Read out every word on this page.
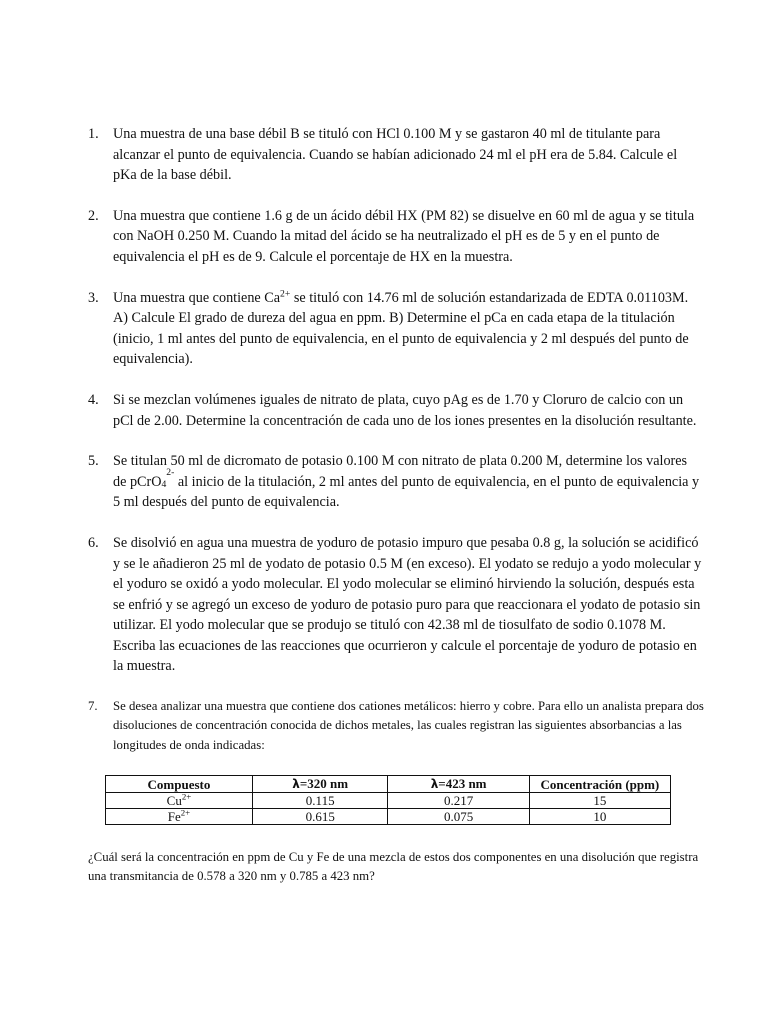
1. Una muestra de una base débil B se tituló con HCl 0.100 M y se gastaron 40 ml de titulante para alcanzar el punto de equivalencia. Cuando se habían adicionado 24 ml el pH era de 5.84. Calcule el pKa de la base débil.
2. Una muestra que contiene 1.6 g de un ácido débil HX (PM 82) se disuelve en 60 ml de agua y se titula con NaOH 0.250 M. Cuando la mitad del ácido se ha neutralizado el pH es de 5 y en el punto de equivalencia el pH es de 9. Calcule el porcentaje de HX en la muestra.
3. Una muestra que contiene $Ca^{2+}$ se tituló con 14.76 ml de solución estandarizada de EDTA 0.01103M. A) Calcule El grado de dureza del agua en ppm. B) Determine el pCa en cada etapa de la titulación (inicio, 1 ml antes del punto de equivalencia, en el punto de equivalencia y 2 ml después del punto de equivalencia).
4. Si se mezclan volúmenes iguales de nitrato de plata, cuyo pAg es de 1.70 y Cloruro de calcio con un pCl de 2.00. Determine la concentración de cada uno de los iones presentes en la disolución resultante.
5. Se titulan 50 ml de dicromato de potasio 0.100 M con nitrato de plata 0.200 M, determine los valores de pCrO$_4^{2-}$ al inicio de la titulación, 2 ml antes del punto de equivalencia, en el punto de equivalencia y 5 ml después del punto de equivalencia.
6. Se disolvió en agua una muestra de yoduro de potasio impuro que pesaba 0.8 g, la solución se acidificó y se le añadieron 25 ml de yodato de potasio 0.5 M (en exceso). El yodato se redujo a yodo molecular y el yoduro se oxidó a yodo molecular. El yodo molecular se eliminó hirviendo la solución, después esta se enfrió y se agregó un exceso de yoduro de potasio puro para que reaccionara el yodato de potasio sin utilizar. El yodo molecular que se produjo se tituló con 42.38 ml de tiosulfato de sodio 0.1078 M. Escriba las ecuaciones de las reacciones que ocurrieron y calcule el porcentaje de yoduro de potasio en la muestra.
7. Se desea analizar una muestra que contiene dos cationes metálicos: hierro y cobre. Para ello un analista prepara dos disoluciones de concentración conocida de dichos metales, las cuales registran las siguientes absorbancias a las longitudes de onda indicadas:
Compuesto	λ=320 nm	λ=423 nm	Concentración (ppm)
$Cu^{2+}$	0.115	0.217	15
$Fe^{2+}$	0.615	0.075	10

¿Cuál será la concentración en ppm de Cu y Fe de una mezcla de estos dos componentes en una disolución que registra una transmitancia de 0.578 a 320 nm y 0.785 a 423 nm?
